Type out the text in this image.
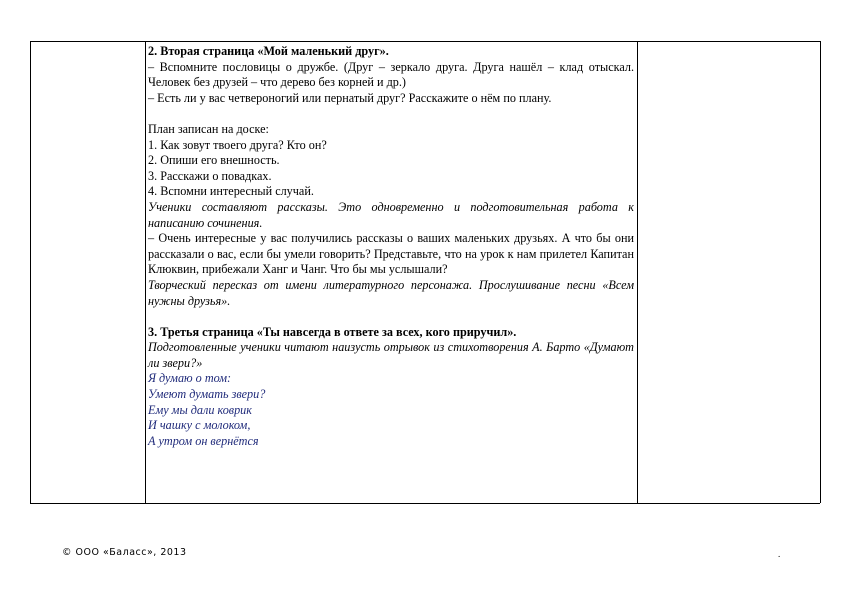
2. Вторая страница «Мой маленький друг».

– Вспомните пословицы о дружбе. (Друг – зеркало друга. Друга нашёл – клад отыскал. Человек без друзей – что дерево без корней и др.)

– Есть ли у вас четвероногий или пернатый друг? Расскажите о нём по плану.

План записан на доске:

1. Как зовут твоего друга? Кто он?

2. Опиши его внешность.

3. Расскажи о повадках.

4. Вспомни интересный случай.

Ученики составляют рассказы. Это одновременно и подготовительная работа к написанию сочинения.

– Очень интересные у вас получились рассказы о ваших маленьких друзьях. А что бы они рассказали о вас, если бы умели говорить? Представьте, что на урок к нам прилетел Капитан Клюквин, прибежали Ханг и Чанг. Что бы мы услышали?

Творческий пересказ от имени литературного персонажа. Прослушивание песни «Всем нужны друзья».

3. Третья страница «Ты навсегда в ответе за всех, кого приручил».

Подготовленные ученики читают наизусть отрывок из стихотворения А. Барто «Думают ли звери?»

Я думаю о том:

Умеют думать звери?

Ему мы дали коврик

И чашку с молоком,

А утром он вернётся

© ООО «Баласс», 2013	.
